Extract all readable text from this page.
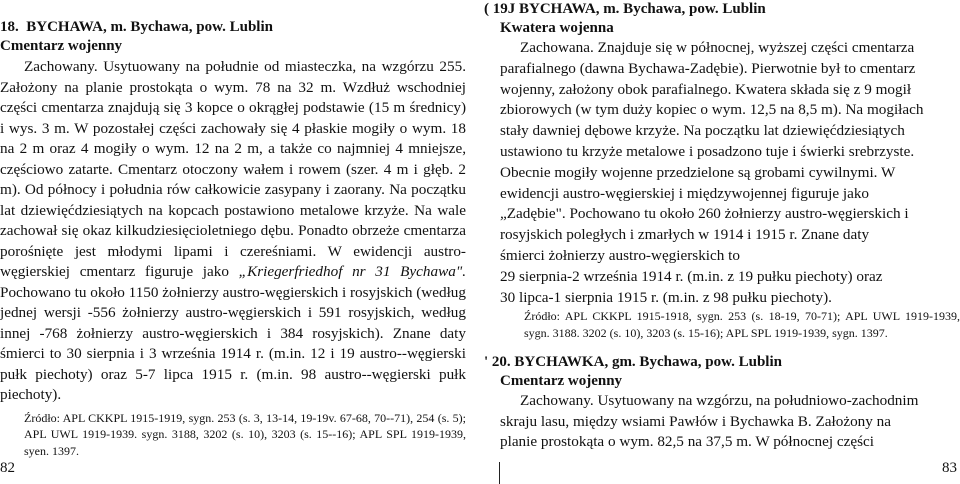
18. BYCHAWA, m. Bychawa, pow. Lublin
Cmentarz wojenny

Zachowany. Usytuowany na południe od miasteczka, na wzgórzu 255. Założony na planie prostokąta o wym. 78 na 32 m. Wzdłuż wschodniej części cmentarza znajdują się 3 kopce o okrągłej podstawie (15 m średnicy) i wys. 3 m. W pozostałej części zachowały się 4 płaskie mogiły o wym. 18 na 2 m oraz 4 mogiły o wym. 12 na 2 m, a także co najmniej 4 mniejsze, częściowo zatarte. Cmentarz otoczony wałem i rowem (szer. 4 m i głęb. 2 m). Od północy i południa rów całkowicie zasypany i zaorany. Na początku lat dziewięćdziesiątych na kopcach postawiono metalowe krzyże. Na wale zachował się okaz kilkudziesięcioletniego dębu. Ponadto obrzeże cmentarza porośnięte jest młodymi lipami i czereśniami. W ewidencji austro-węgierskiej cmentarz figuruje jako „Kriegerfriedhof nr 31 Bychawa". Pochowano tu około 1150 żołnierzy austro-węgierskich i rosyjskich (według jednej wersji -556 żołnierzy austro-węgierskich i 591 rosyjskich, według innej -768 żołnierzy austro-węgierskich i 384 rosyjskich). Znane daty śmierci to 30 sierpnia i 3 września 1914 r. (m.in. 12 i 19 austro--węgierski pułk piechoty) oraz 5-7 lipca 1915 r. (m.in. 98 austro--węgierski pułk piechoty).

Źródło: APL CKKPL 1915-1919, sygn. 253 (s. 3, 13-14, 19-19v. 67-68, 70--71), 254 (s. 5); APL UWL 1919-1939. sygn. 3188, 3202 (s. 10), 3203 (s. 15--16); APL SPL 1919-1939, syen. 1397.

82
( 19J BYCHAWA, m. Bychawa, pow. Lublin
Kwatera wojenna
Zachowana. Znajduje się w północnej, wyższej części cmentarza
parafialnego (dawna Bychawa-Zadębie). Pierwotnie był to cmentarz
wojenny, założony obok parafialnego. Kwatera składa się z 9 mogił
zbiorowych (w tym duży kopiec o wym. 12,5 na 8,5 m). Na mogiłach
stały dawniej dębowe krzyże. Na początku lat dziewięćdziesiątych
ustawiono tu krzyże metalowe i posadzono tuje i świerki srebrzyste.
Obecnie mogiły wojenne przedzielone są grobami cywilnymi. W
ewidencji austro-węgierskiej i międzywojennej figuruje jako
„Zadębie". Pochowano tu około 260 żołnierzy austro-węgierskich i
rosyjskich poległych i zmarłych w 1914 i 1915 r. Znane daty
śmierci żołnierzy austro-węgierskich to
29 sierpnia-2 września 1914 r. (m.in. z 19 pułku piechoty) oraz
30 lipca-1 sierpnia 1915 r. (m.in. z 98 pułku piechoty).

Źródło: APL CKKPL 1915-1918, sygn. 253 (s. 18-19, 70-71); APL UWL 1919-1939, sygn. 3188. 3202 (s. 10), 3203 (s. 15-16); APL SPL 1919-1939, sygn. 1397.

' 20. BYCHAWKA, gm. Bychawa, pow. Lublin
Cmentarz wojenny
Zachowany. Usytuowany na wzgórzu, na południowo-zachodnim
skraju lasu, między wsiami Pawłów i Bychawka B. Założony na
planie prostokąta o wym. 82,5 na 37,5 m. W północnej części
83
